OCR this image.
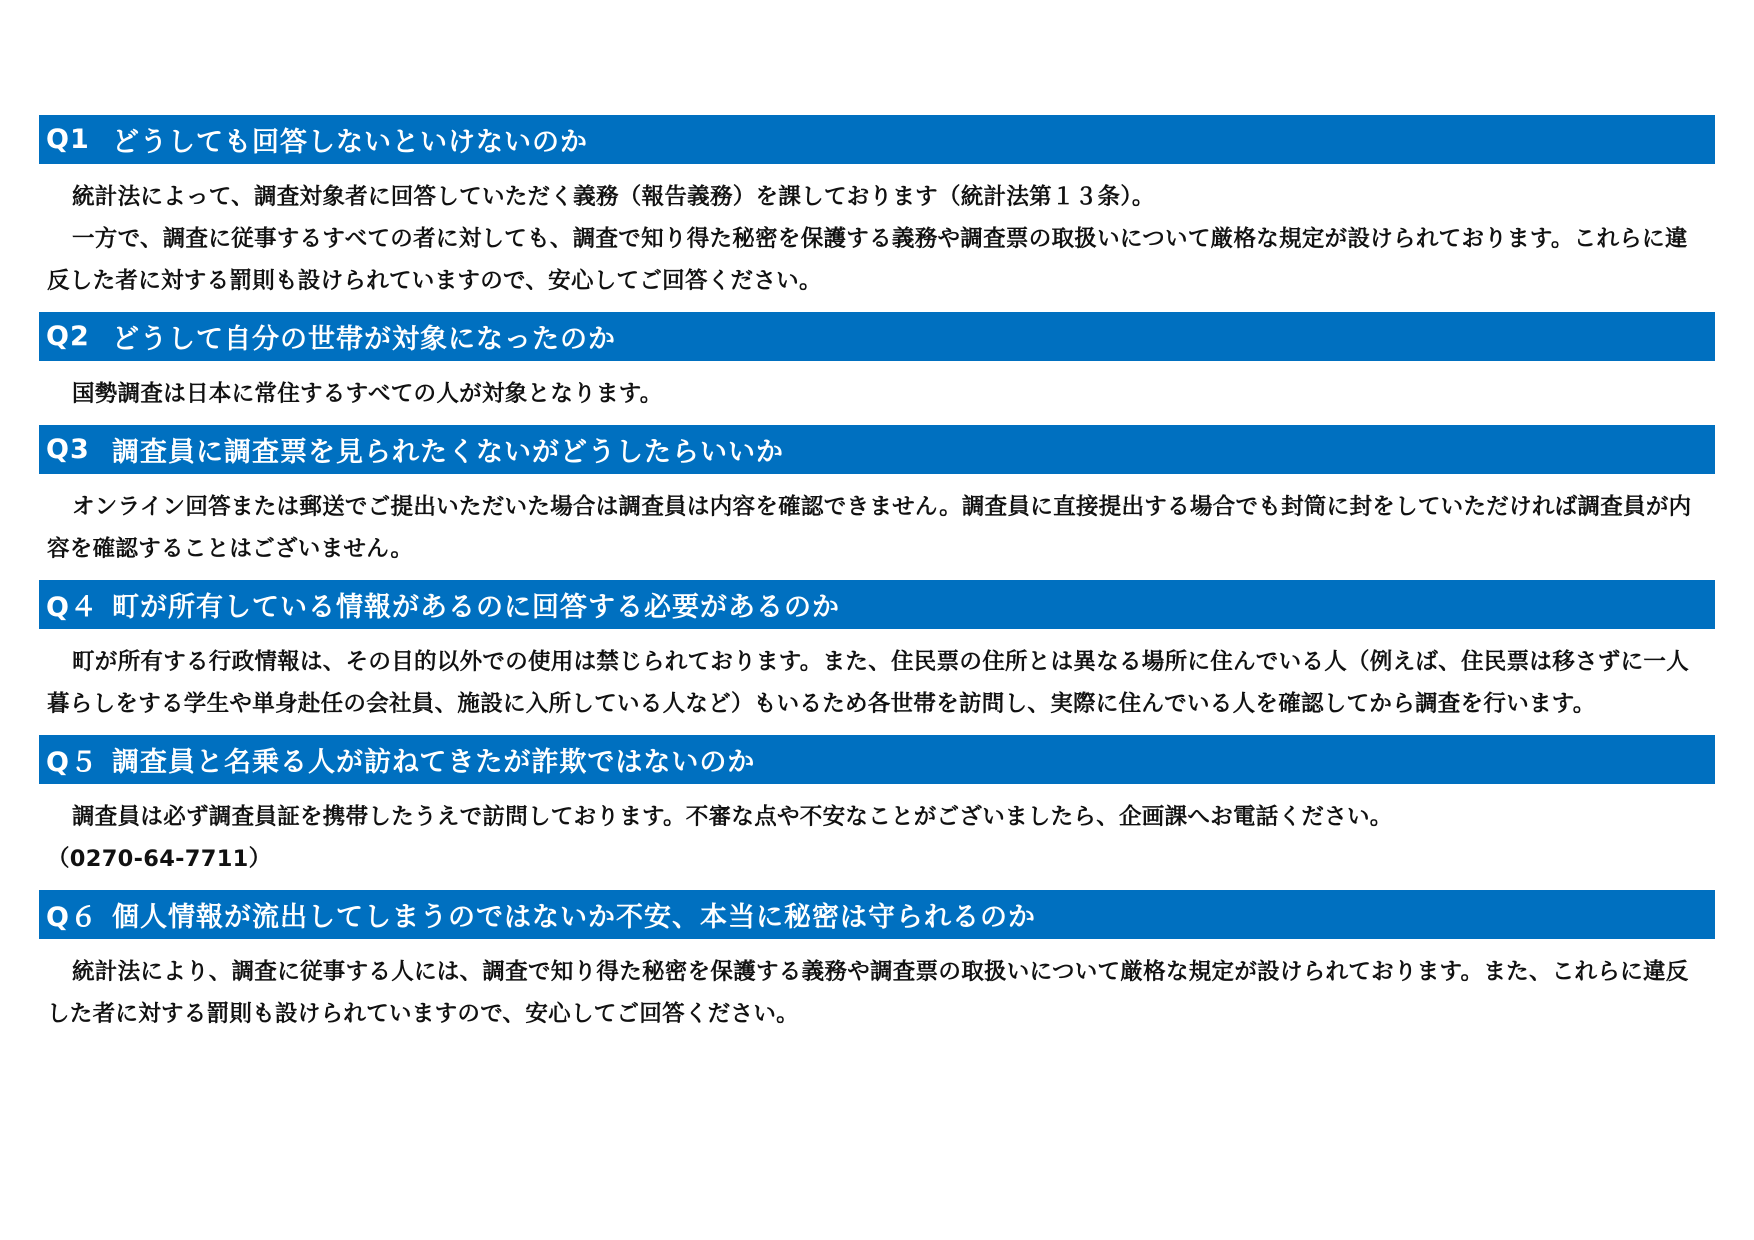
Q1 どうしても回答しないといけないのか

統計法によって、調査対象者に回答していただく義務（報告義務）を課しております（統計法第１３条）。

一方で、調査に従事するすべての者に対しても、調査で知り得た秘密を保護する義務や調査票の取扱いについて厳格な規定が設けられております。これらに違反した者に対する罰則も設けられていますので、安心してご回答ください。

Q2 どうして自分の世帯が対象になったのか

国勢調査は日本に常住するすべての人が対象となります。

Q3 調査員に調査票を見られたくないがどうしたらいいか

オンライン回答または郵送でご提出いただいた場合は調査員は内容を確認できません。調査員に直接提出する場合でも封筒に封をしていただければ調査員が内容を確認することはございません。

Q４ 町が所有している情報があるのに回答する必要があるのか

町が所有する行政情報は、その目的以外での使用は禁じられております。また、住民票の住所とは異なる場所に住んでいる人（例えば、住民票は移さずに一人暮らしをする学生や単身赴任の会社員、施設に入所している人など）もいるため各世帯を訪問し、実際に住んでいる人を確認してから調査を行います。

Q５ 調査員と名乗る人が訪ねてきたが詐欺ではないのか

調査員は必ず調査員証を携帯したうえで訪問しております。不審な点や不安なことがございましたら、企画課へお電話ください。

（0270-64-7711）

Q６ 個人情報が流出してしまうのではないか不安、本当に秘密は守られるのか

統計法により、調査に従事する人には、調査で知り得た秘密を保護する義務や調査票の取扱いについて厳格な規定が設けられております。また、これらに違反した者に対する罰則も設けられていますので、安心してご回答ください。
